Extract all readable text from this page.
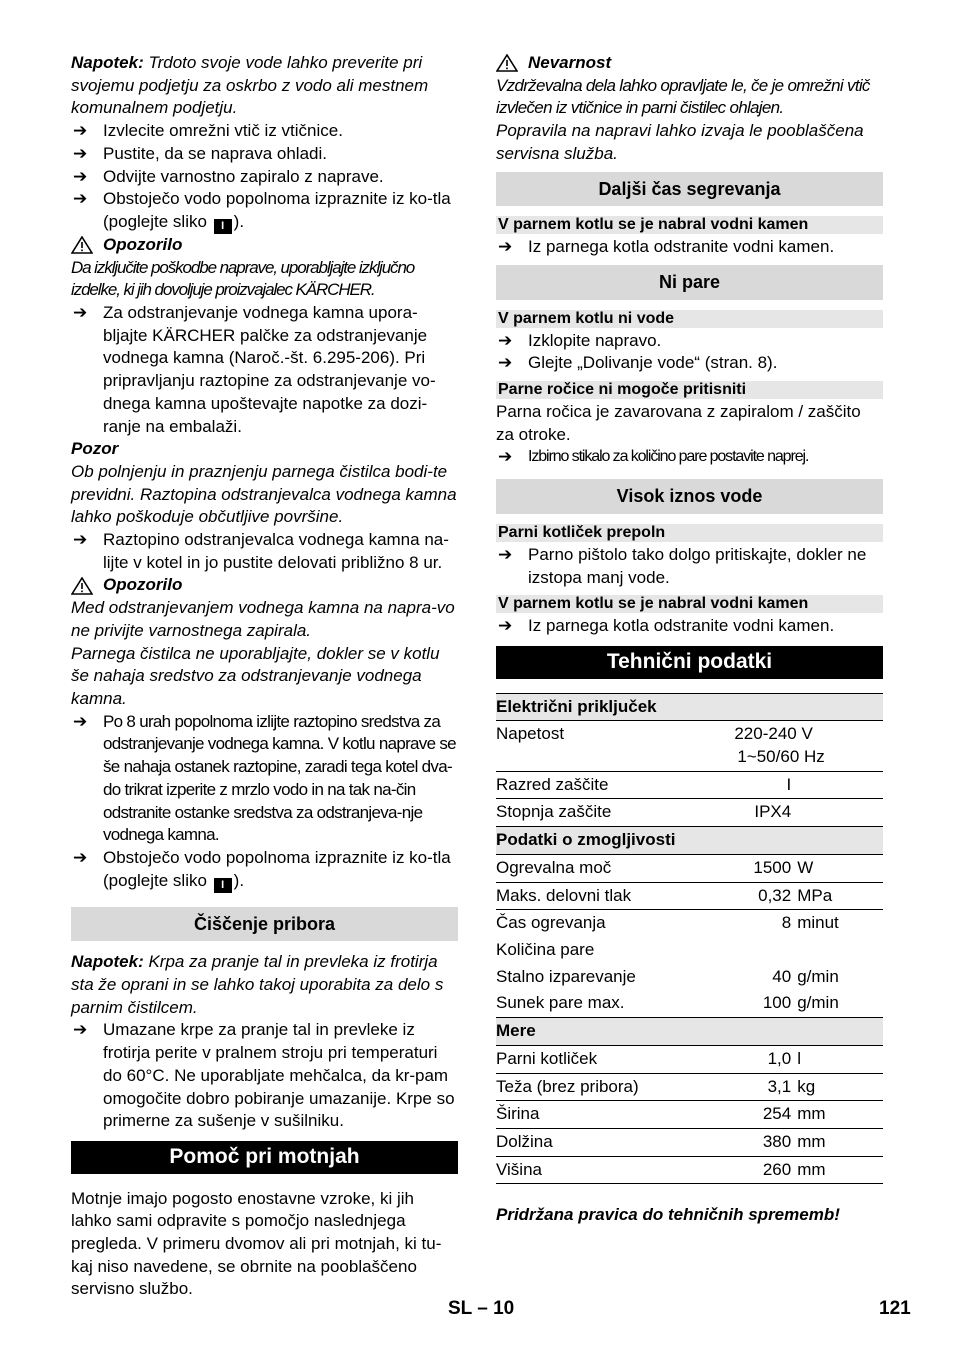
Napotek: Trdoto svoje vode lahko preverite pri svojemu podjetju za oskrbo z vodo ali mestnem komunalnem podjetju.

➔ Izvlecite omrežni vtič iz vtičnice.
➔ Pustite, da se naprava ohladi.
➔ Odvijte varnostno zapiralo z naprave.
➔ Obstoječo vodo popolnoma izpraznite iz ko-tla (poglejte sliko I ).
Opozorilo

Da izključite poškodbe naprave, uporabljajte izključno izdelke, ki jih dovoljuje proizvajalec KÄRCHER.

➔ Za odstranjevanje vodnega kamna upora-bljajte KÄRCHER palčke za odstranjevanje vodnega kamna (Naroč.-št. 6.295-206). Pri pripravljanju raztopine za odstranjevanje vo-dnega kamna upoštevajte napotke za dozi-ranje na embalaži.

Pozor

Ob polnjenju in praznjenju parnega čistilca bodi-te previdni. Raztopina odstranjevalca vodnega kamna lahko poškoduje občutljive površine.

➔ Raztopino odstranjevalca vodnega kamna na-lijte v kotel in jo pustite delovati približno 8 ur.
Opozorilo

Med odstranjevanjem vodnega kamna na napra-vo ne privijte varnostnega zapirala.

Parnega čistilca ne uporabljajte, dokler se v kotlu še nahaja sredstvo za odstranjevanje vodnega kamna.

➔ Po 8 urah popolnoma izlijte raztopino sredstva za odstranjevanje vodnega kamna. V kotlu naprave se še nahaja ostanek raztopine, zaradi tega kotel dva- do trikrat izperite z mrzlo vodo in na tak na-čin odstranite ostanke sredstva za odstranjeva-nje vodnega kamna.
➔ Obstoječo vodo popolnoma izpraznite iz ko-tla (poglejte sliko I ).
Čiščenje pribora

Napotek: Krpa za pranje tal in prevleka iz frotirja sta že oprani in se lahko takoj uporabita za delo s parnim čistilcem.

➔ Umazane krpe za pranje tal in prevleke iz frotirja perite v pralnem stroju pri temperaturi do 60°C. Ne uporabljate mehčalca, da kr-pam omogočite dobro pobiranje umazanije. Krpe so primerne za sušenje v sušilniku.
Pomoč pri motnjah

Motnje imajo pogosto enostavne vzroke, ki jih lahko sami odpravite s pomočjo naslednjega pregleda. V primeru dvomov ali pri motnjah, ki tu-kaj niso navedene, se obrnite na pooblaščeno servisno službo.

Nevarnost

Vzdrževalna dela lahko opravljate le, če je omrežni vtič izvlečen iz vtičnice in parni čistilec ohlajen.

Popravila na napravi lahko izvaja le pooblaščena servisna služba.

Daljši čas segrevanja
V parnem kotlu se je nabral vodni kamen
➔ Iz parnega kotla odstranite vodni kamen.
Ni pare
V parnem kotlu ni vode
➔ Izklopite napravo.
➔ Glejte „Dolivanje vode“ (stran. 8).
Parne ročice ni mogoče pritisniti

Parna ročica je zavarovana z zapiralom / zaščito za otroke.

➔ Izbirno stikalo za količino pare postavite naprej.
Visok iznos vode
Parni kotliček prepoln
➔ Parno pištolo tako dolgo pritiskajte, dokler ne izstopa manj vode.
V parnem kotlu se je nabral vodni kamen
➔ Iz parnega kotla odstranite vodni kamen.
Tehnični podatki
Električni priključek		
Napetost	220-240 V
1~50/60 Hz	

Razred zaščite	I	
Stopnja zaščite	IPX4	
Podatki o zmogljivosti		
Ogrevalna moč	1500	W
Maks. delovni tlak	0,32	MPa
Čas ogrevanja	8	minut
Količina pare		
Stalno izparevanje	40	g/min
Sunek pare max.	100	g/min
Mere		
Parni kotliček	1,0	l
Teža (brez pribora)	3,1	kg
Širina	254	mm
Dolžina	380	mm
Višina	260	mm

Pridržana pravica do tehničnih sprememb!

SL – 10	121
